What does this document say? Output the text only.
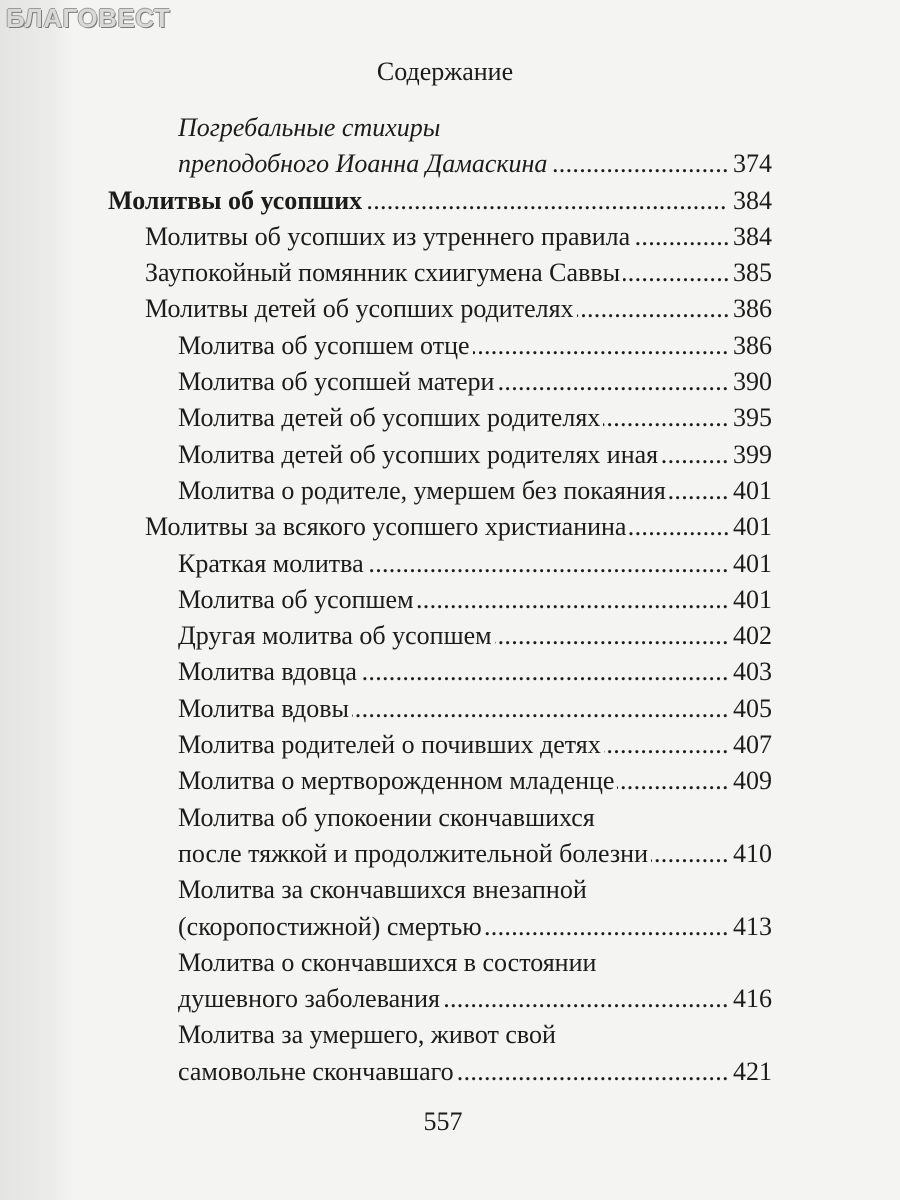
БЛАГОВЕСТ
Содержание
Погребальные стихиры
..... преподобного Иоанна Дамаскина	374
..... Молитвы об усопших	384
..... Молитвы об усопших из утреннего правила	384
..... Заупокойный помянник схиигумена Саввы	385
..... Молитвы детей об усопших родителях	386
..... Молитва об усопшем отце	386
..... Молитва об усопшей матери	390
..... Молитва детей об усопших родителях	395
..... Молитва детей об усопших родителях иная	399
..... Молитва о родителе, умершем без покаяния	401
..... Молитвы за всякого усопшего христианина	401
..... Краткая молитва	401
..... Молитва об усопшем	401
..... Другая молитва об усопшем	402
..... Молитва вдовца	403
..... Молитва вдовы	405
..... Молитва родителей о почивших детях	407
..... Молитва о мертворожденном младенце	409
Молитва об упокоении скончавшихся
..... после тяжкой и продолжительной болезни	410
Молитва за скончавшихся внезапной
..... (скоропостижной) смертью	413
Молитва о скончавшихся в состоянии
..... душевного заболевания	416
Молитва за умершего, живот свой
..... самовольне скончавшаго	421
557
